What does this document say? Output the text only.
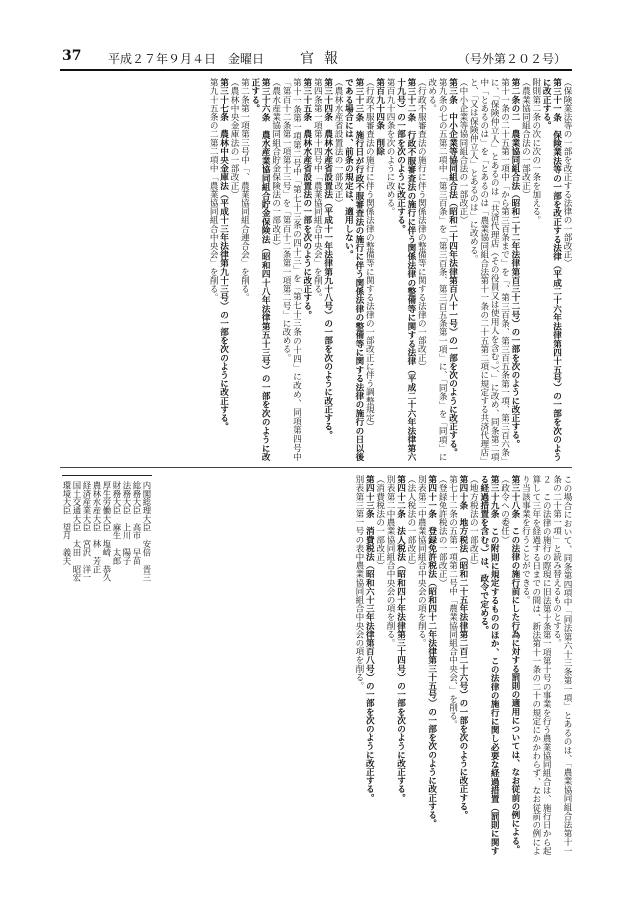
37 平成２７年９月４日　金曜日	官報	（号外第２０２号）
（保険業法等の一部を改正する法律の一部改正）
第三十一条　保険業法等の一部を改正する法律（平成二十六年法律第四十五号）の一部を次のように改正する。
附則第二条の次に次の一条を加える。
（農業協同組合法の一部改正）
第二条の二　農業協同組合法（昭和二十二年法律第百三十二号）の一部を次のように改正する。
第十一条の二十五第一項中「から第三百条まで」を「、第三百条、第三百五条第一項、第三百六条」に、「保険仲立人」とあるのは「共済代理店（その役員又は使用人を含む。）、」に改め、同条第二項中「とあるのは」を「とあるのは「農業協同組合法第十一条の二十五第二項に規定する共済代理店」と、「又は保険仲立人」とあるのは」に改める。
（中小企業等協同組合法の一部改正）
第三条　中小企業等協同組合法（昭和二十四年法律第百八十一号）の一部を次のように改正する。
第九条の七の五第二項中「第三百条」を「第三百条、第三百五条第一項」に、「同条」を「同項」に改める。
（行政不服審査法の施行に伴う関係法律の整備等に関する法律の一部改正）
第三十二条　行政不服審査法の施行に伴う関係法律の整備等に関する法律（平成二十六年法律第六十九号）の一部を次のように改正する。
第百九十四条を次のように改める。
第百九十四条　削除
（行政不服審査法の施行に伴う関係法律の整備等に関する法律の一部改正に伴う調整規定）
第三十三条　施行日が行政不服審査法の施行に伴う関係法律の整備等に関する法律の施行の日以後である場合には、前条の規定は、適用しない。
（農林水産省設置法の一部改正）
第三十四条　農林水産省設置法（平成十一年法律第九十八号）の一部を次のように改正する。
第四条第一項第十四号中「農業協同組合中央会」を削る。
第三十五条　農林水産省設置法の一部を次のように改正する。
第十一条第一項第二号中「第七十三条の四十三」を「第七十三条の十四」に改め、同項第四号中「第百十二条第一項第十三号」を「第百十二条第一項第二号」に改める。
（農水産業協同組合貯金保険法の一部改正）
第三十六条　農水産業協同組合貯金保険法（昭和四十八年法律第五十三号）の一部を次のように改正する。
第二条第一項第三号中「、農業協同組合連合会」を削る。
（農林中央金庫法の一部改正）
第三十七条　農林中央金庫法（平成十三年法律第九十三号）の一部を次のように改正する。
第九十五条の二第二項中「農業協同組合中央会」を削る。
この場合において、同条第四項中「同法第六十三条第一項」とあるのは、「農業協同組合法第十一条の二十第一項」と読み替えるものとする。
２　この法律の施行の際現に旧法第十条第一項第十号の事業を行う農業協同組合は、施行日から起算して三年を経過する日までの間は、新法第十一条の二十の規定にかかわらず、なお従前の例により当該事業を行うことができる。
第三十八条　この法律の施行前にした行為に対する罰則の適用については、なお従前の例による。
（政令への委任）
第三十九条　この附則に規定するもののほか、この法律の施行に関し必要な経過措置（罰則に関する経過措置を含む。）は、政令で定める。
（地方税法の一部改正）
第四十条　地方税法（昭和二十五年法律第二百二十六号）の一部を次のように改正する。
第七十二条の五第一項第二号中「農業協同組合中央会、」を削る。
（登録免許税法の一部改正）
第四十一条　登録免許税法（昭和四十二年法律第三十五号）の一部を次のように改正する。
別表第二中農業協同組合中央会の項を削る。
（法人税法の一部改正）
第四十二条　法人税法（昭和四十年法律第三十四号）の一部を次のように改正する。
別表第二中農業協同組合中央会の項を削る。
（消費税法の一部改正）
第四十三条　消費税法（昭和六十三年法律第百八号）の一部を次のように改正する。
別表第三第一号の表中農業協同組合中央会の項を削る。
内閣総理大臣　安倍　晋三
総務大臣　高市　早苗
法務大臣　上川　陽子
財務大臣　麻生　太郎
厚生労働大臣　塩崎　恭久
農林水産大臣　林　芳正
経済産業大臣　宮沢　洋一
国土交通大臣　太田　昭宏
環境大臣　望月　義夫
